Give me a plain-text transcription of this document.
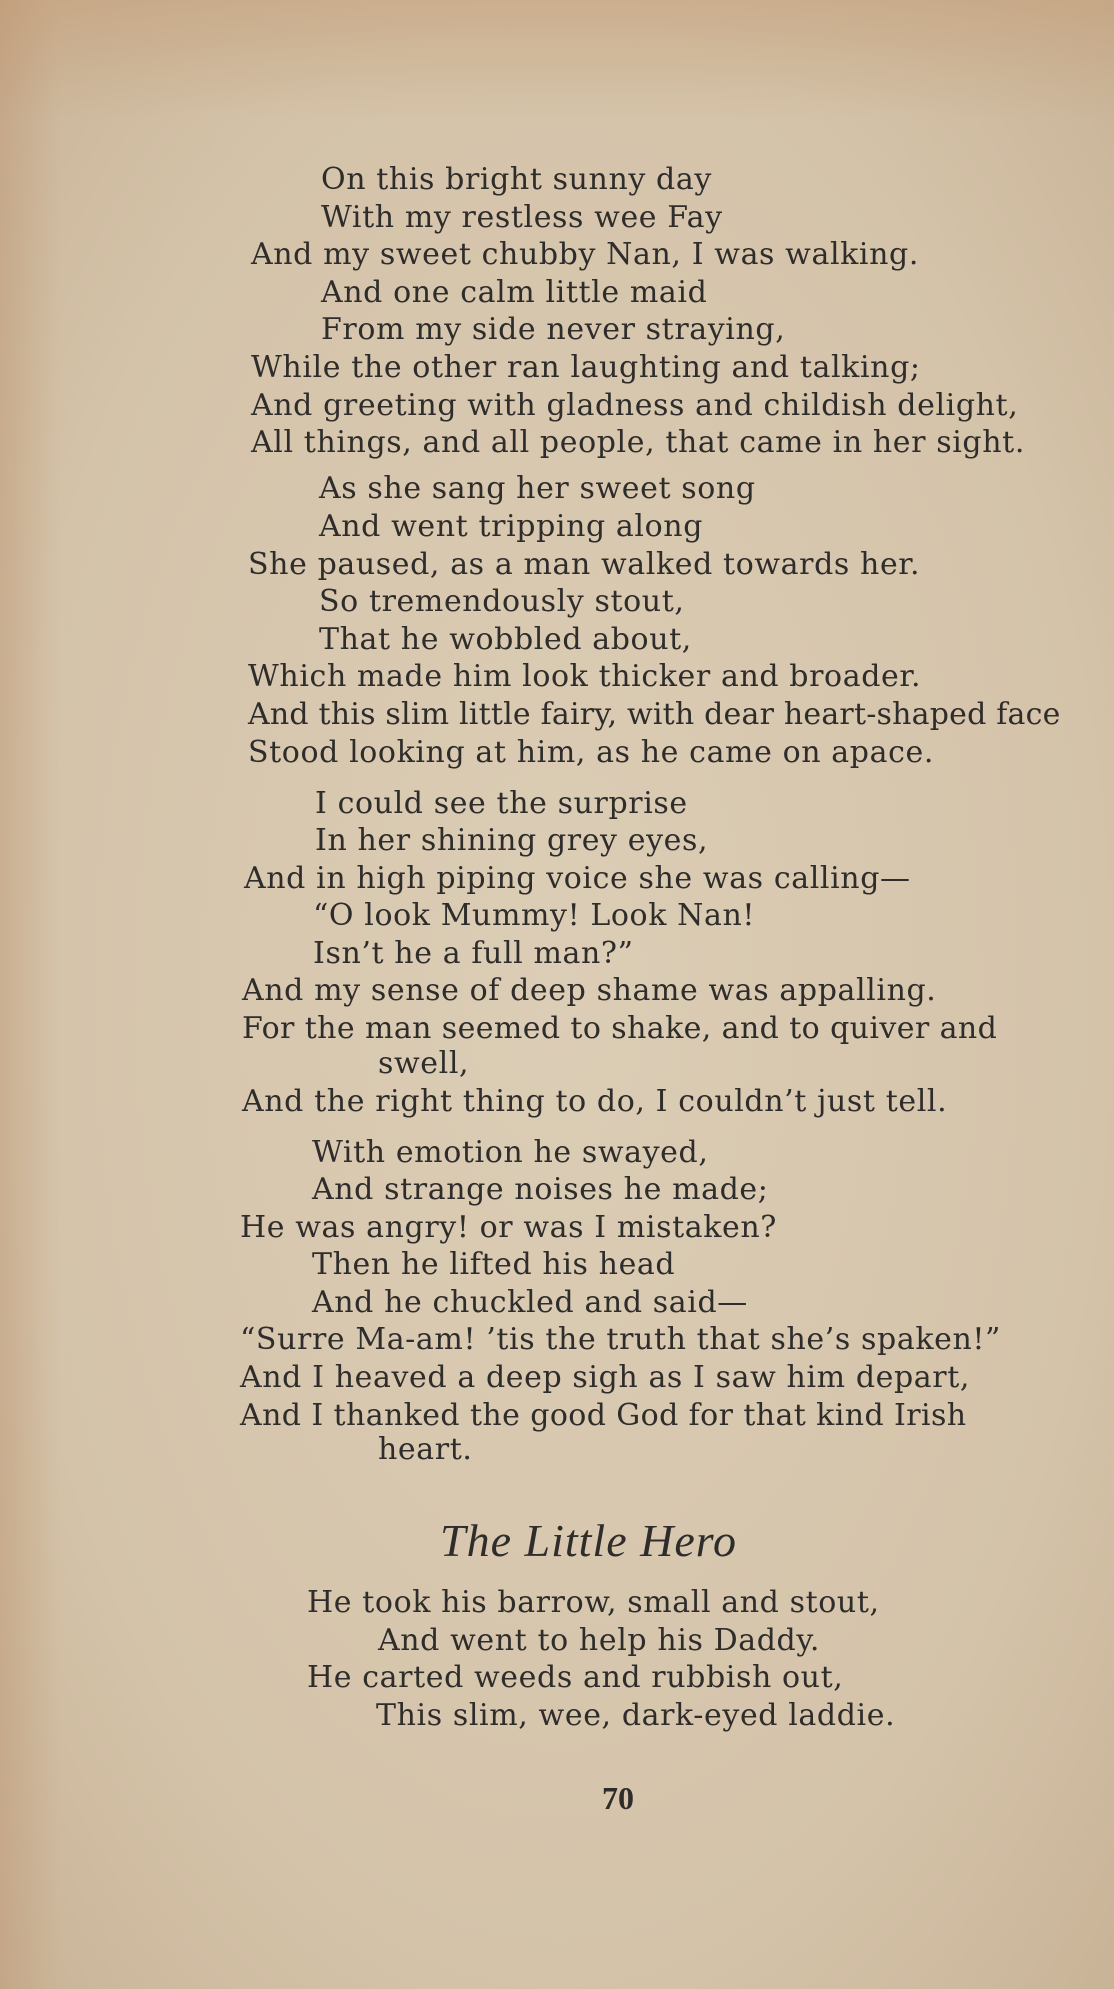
On this bright sunny day
With my restless wee Fay
And my sweet chubby Nan, I was walking.
And one calm little maid
From my side never straying,
While the other ran laughting and talking;
And greeting with gladness and childish delight,
All things, and all people, that came in her sight.
As she sang her sweet song
And went tripping along
She paused, as a man walked towards her.
So tremendously stout,
That he wobbled about,
Which made him look thicker and broader.
And this slim little fairy, with dear heart-shaped face
Stood looking at him, as he came on apace.
I could see the surprise
In her shining grey eyes,
And in high piping voice she was calling—
“O look Mummy! Look Nan!
Isn’t he a full man?”
And my sense of deep shame was appalling.
For the man seemed to shake, and to quiver and
swell,
And the right thing to do, I couldn’t just tell.
With emotion he swayed,
And strange noises he made;
He was angry! or was I mistaken?
Then he lifted his head
And he chuckled and said—
“Surre Ma-am! ’tis the truth that she’s spaken!”
And I heaved a deep sigh as I saw him depart,
And I thanked the good God for that kind Irish
heart.
The Little Hero
He took his barrow, small and stout,
And went to help his Daddy.
He carted weeds and rubbish out,
This slim, wee, dark-eyed laddie.
70
